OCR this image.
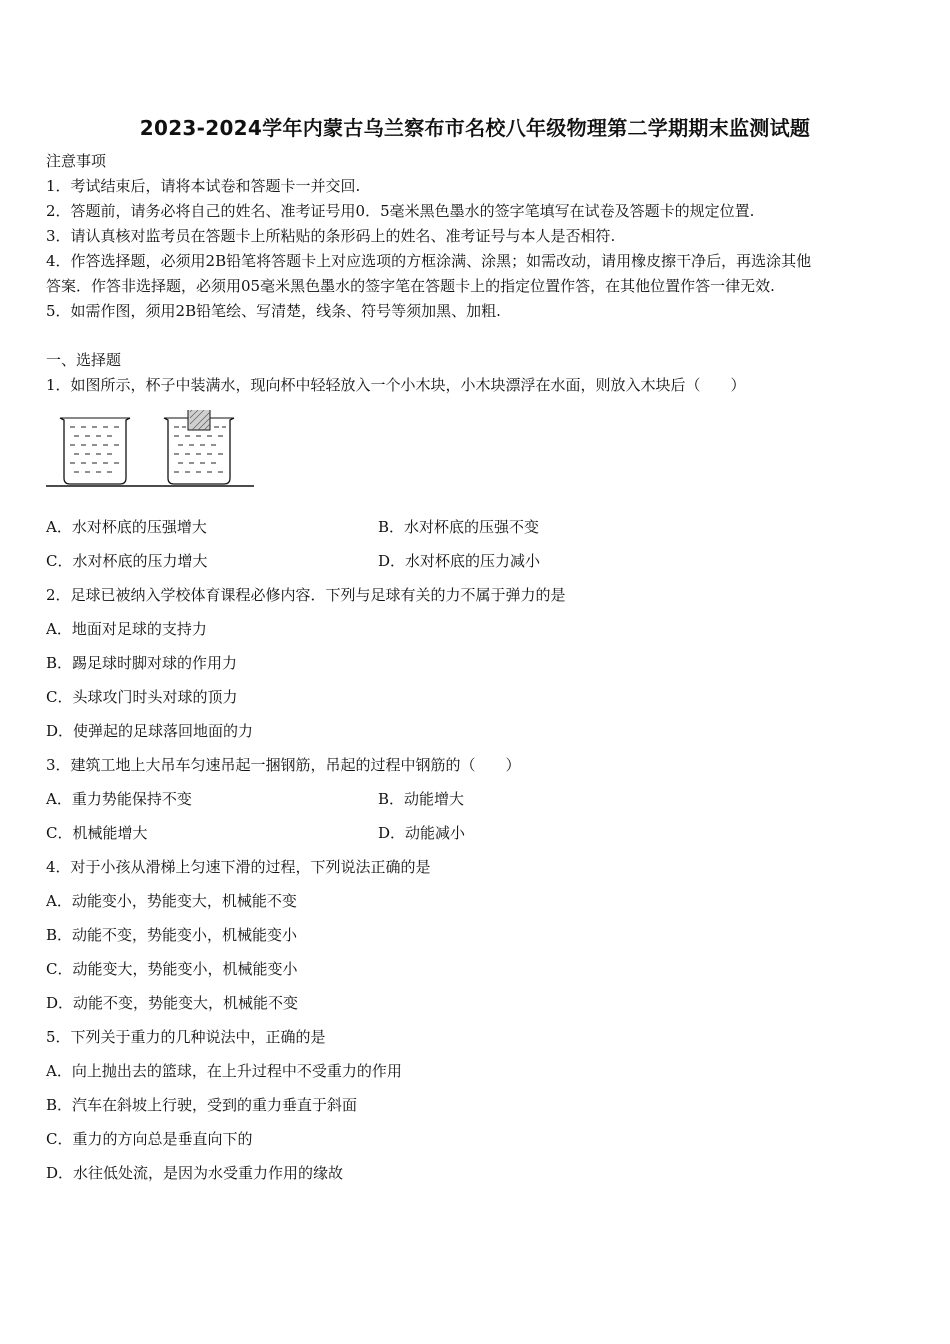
2023-2024学年内蒙古乌兰察布市名校八年级物理第二学期期末监测试题
注意事项
1．考试结束后，请将本试卷和答题卡一并交回.
2．答题前，请务必将自己的姓名、准考证号用0．5毫米黑色墨水的签字笔填写在试卷及答题卡的规定位置.
3．请认真核对监考员在答题卡上所粘贴的条形码上的姓名、准考证号与本人是否相符.
4．作答选择题，必须用2B铅笔将答题卡上对应选项的方框涂满、涂黑；如需改动，请用橡皮擦干净后，再选涂其他
答案．作答非选择题，必须用05毫米黑色墨水的签字笔在答题卡上的指定位置作答，在其他位置作答一律无效.
5．如需作图，须用2B铅笔绘、写清楚，线条、符号等须加黑、加粗.
一、选择题
1．如图所示，杯子中装满水，现向杯中轻轻放入一个小木块，小木块漂浮在水面，则放入木块后（　　）
A．水对杯底的压强增大	B．水对杯底的压强不变
C．水对杯底的压力增大	D．水对杯底的压力减小
2．足球已被纳入学校体育课程必修内容．下列与足球有关的力不属于弹力的是
A．地面对足球的支持力
B．踢足球时脚对球的作用力
C．头球攻门时头对球的顶力
D．使弹起的足球落回地面的力
3．建筑工地上大吊车匀速吊起一捆钢筋，吊起的过程中钢筋的（　　）
A．重力势能保持不变	B．动能增大
C．机械能增大	D．动能减小
4．对于小孩从滑梯上匀速下滑的过程，下列说法正确的是
A．动能变小，势能变大，机械能不变
B．动能不变，势能变小，机械能变小
C．动能变大，势能变小，机械能变小
D．动能不变，势能变大，机械能不变
5．下列关于重力的几种说法中，正确的是
A．向上抛出去的篮球，在上升过程中不受重力的作用
B．汽车在斜坡上行驶，受到的重力垂直于斜面
C．重力的方向总是垂直向下的
D．水往低处流，是因为水受重力作用的缘故
